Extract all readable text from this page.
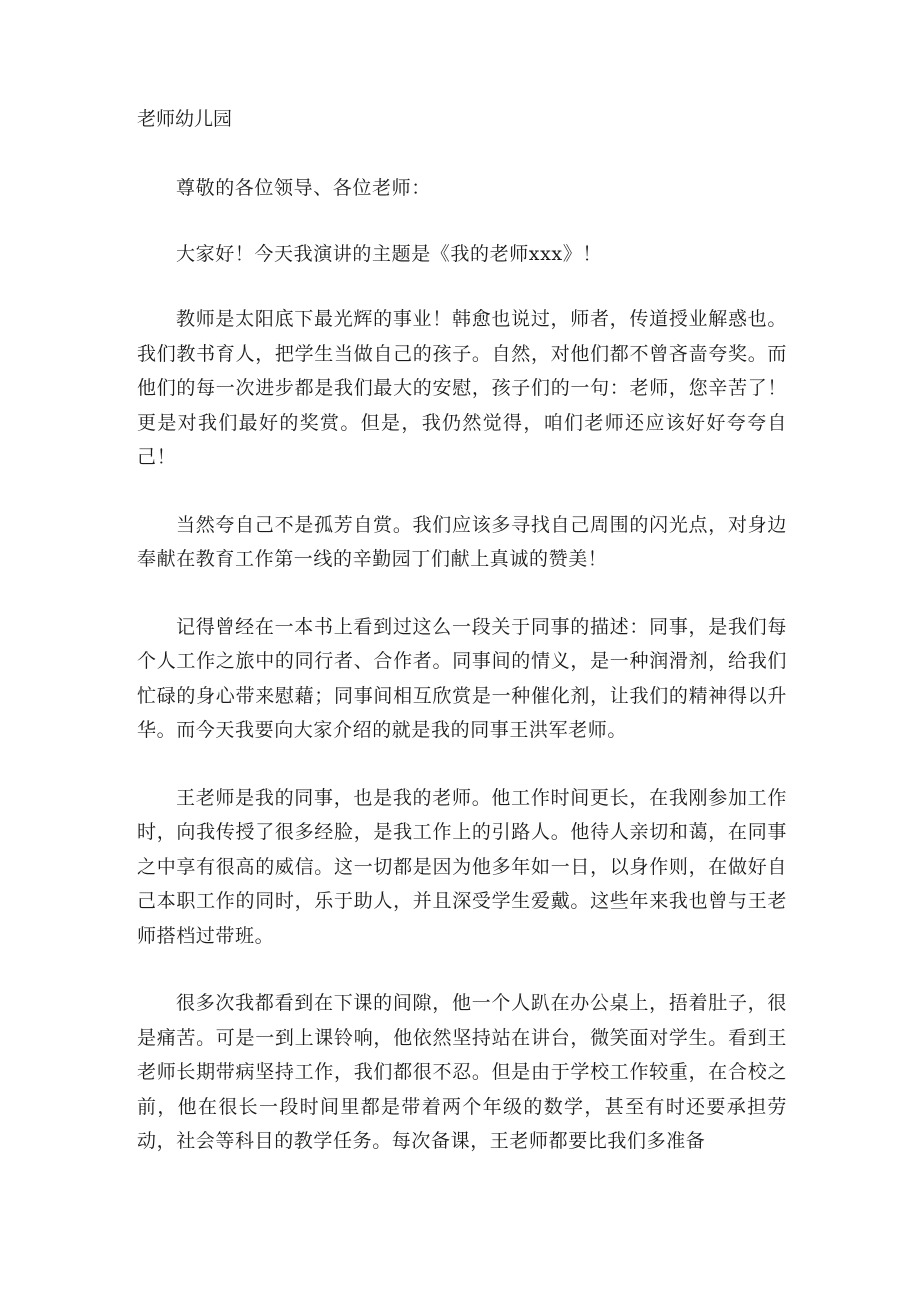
老师幼儿园

尊敬的各位领导、各位老师：

大家好！今天我演讲的主题是《我的老师xxx》！

教师是太阳底下最光辉的事业！韩愈也说过，师者，传道授业解惑也。我们教书育人，把学生当做自己的孩子。自然，对他们都不曾吝啬夸奖。而他们的每一次进步都是我们最大的安慰，孩子们的一句：老师，您辛苦了！更是对我们最好的奖赏。但是，我仍然觉得，咱们老师还应该好好夸夸自己！

当然夸自己不是孤芳自赏。我们应该多寻找自己周围的闪光点，对身边奉献在教育工作第一线的辛勤园丁们献上真诚的赞美！

记得曾经在一本书上看到过这么一段关于同事的描述：同事，是我们每个人工作之旅中的同行者、合作者。同事间的情义，是一种润滑剂，给我们忙碌的身心带来慰藉；同事间相互欣赏是一种催化剂，让我们的精神得以升华。而今天我要向大家介绍的就是我的同事王洪军老师。

王老师是我的同事，也是我的老师。他工作时间更长，在我刚参加工作时，向我传授了很多经脸，是我工作上的引路人。他待人亲切和蔼，在同事之中享有很高的威信。这一切都是因为他多年如一日，以身作则，在做好自己本职工作的同时，乐于助人，并且深受学生爱戴。这些年来我也曾与王老师搭档过带班。

很多次我都看到在下课的间隙，他一个人趴在办公桌上，捂着肚子，很是痛苦。可是一到上课铃响，他依然坚持站在讲台，微笑面对学生。看到王老师长期带病坚持工作，我们都很不忍。但是由于学校工作较重，在合校之前，他在很长一段时间里都是带着两个年级的数学，甚至有时还要承担劳动，社会等科目的教学任务。每次备课，王老师都要比我们多准备
